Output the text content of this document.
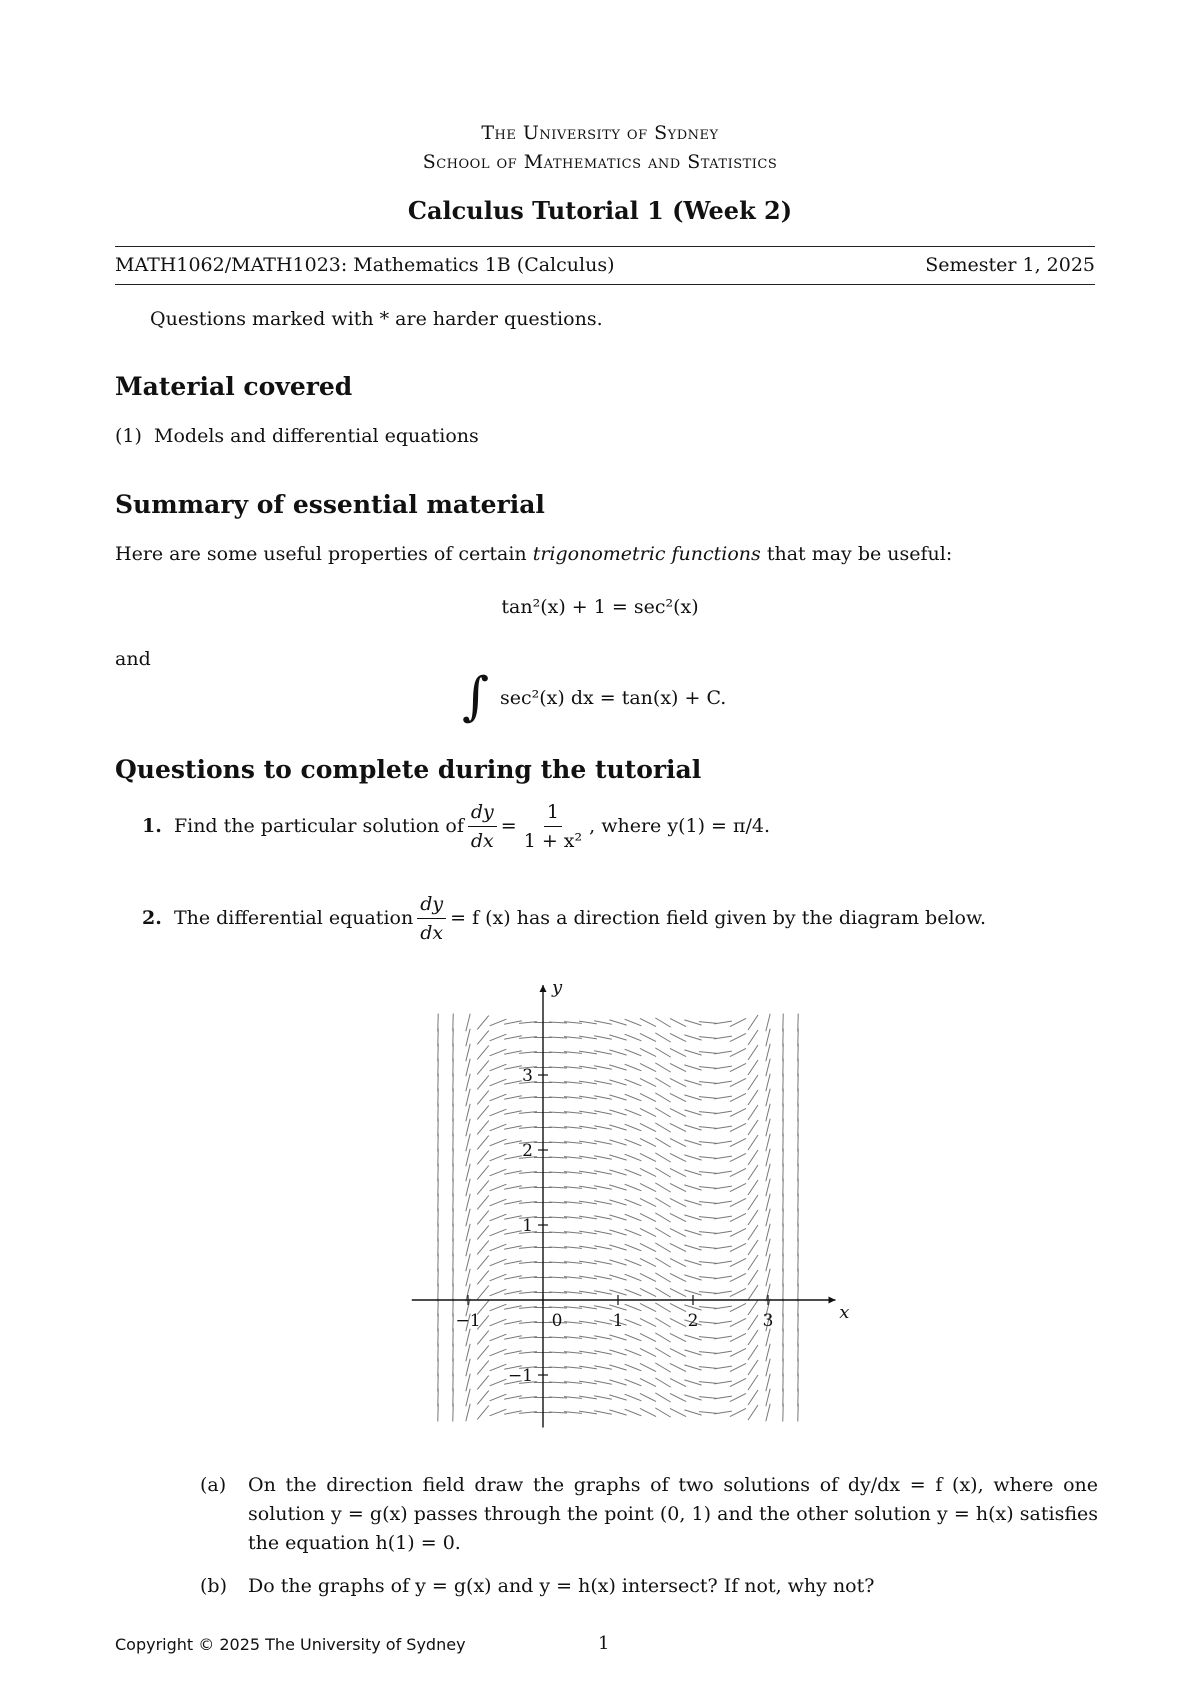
The University of Sydney
School of Mathematics and Statistics
Calculus Tutorial 1 (Week 2)
MATH1062/MATH1023: Mathematics 1B (Calculus)	Semester 1, 2025
Questions marked with * are harder questions.
Material covered
(1) Models and differential equations
Summary of essential material
Here are some useful properties of certain trigonometric functions that may be useful:
tan²(x) + 1 = sec²(x)
and
∫ sec²(x) dx = tan(x) + C.
Questions to complete during the tutorial
1.
Find the particular solution of $\frac{dy}{dx} = \frac{1}{\text{1 + x²}}$ , where y(1) = π/4.
2.
The differential equation $\frac{dy}{dx} = f$ (x) has a direction field given by the diagram below.
−1	0	1	2	3
−1
1
2
3
x
y
(a) On the direction field draw the graphs of two solutions of dy/dx = f (x), where one solution y = g(x) passes through the point (0, 1) and the other solution y = h(x) satisfies the equation h(1) = 0.
(b) Do the graphs of y = g(x) and y = h(x) intersect? If not, why not?
Copyright © 2025 The University of Sydney	1
